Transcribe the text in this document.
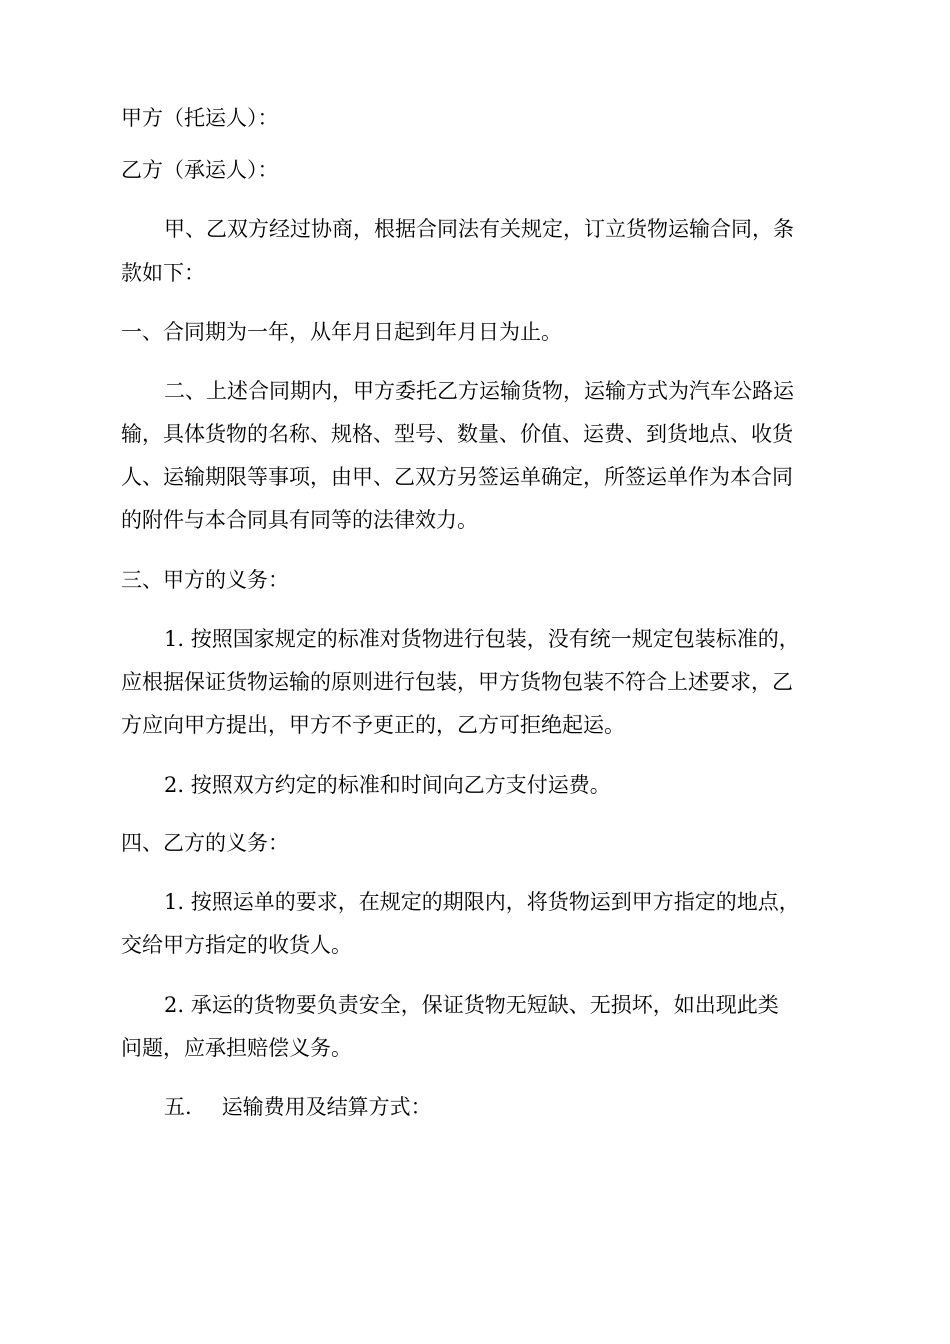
甲方（托运人）：
乙方（承运人）：
甲、乙双方经过协商，根据合同法有关规定，订立货物运输合同，条
款如下：
一、合同期为一年，从年月日起到年月日为止。
二、上述合同期内，甲方委托乙方运输货物，运输方式为汽车公路运
输，具体货物的名称、规格、型号、数量、价值、运费、到货地点、收货
人、运输期限等事项，由甲、乙双方另签运单确定，所签运单作为本合同
的附件与本合同具有同等的法律效力。
三、甲方的义务：
1. 按照国家规定的标准对货物进行包装，没有统一规定包装标准的，
应根据保证货物运输的原则进行包装，甲方货物包装不符合上述要求，乙
方应向甲方提出，甲方不予更正的，乙方可拒绝起运。
2. 按照双方约定的标准和时间向乙方支付运费。
四、乙方的义务：
1. 按照运单的要求，在规定的期限内，将货物运到甲方指定的地点，
交给甲方指定的收货人。
2. 承运的货物要负责安全，保证货物无短缺、无损坏，如出现此类
问题，应承担赔偿义务。
五. 运输费用及结算方式：
